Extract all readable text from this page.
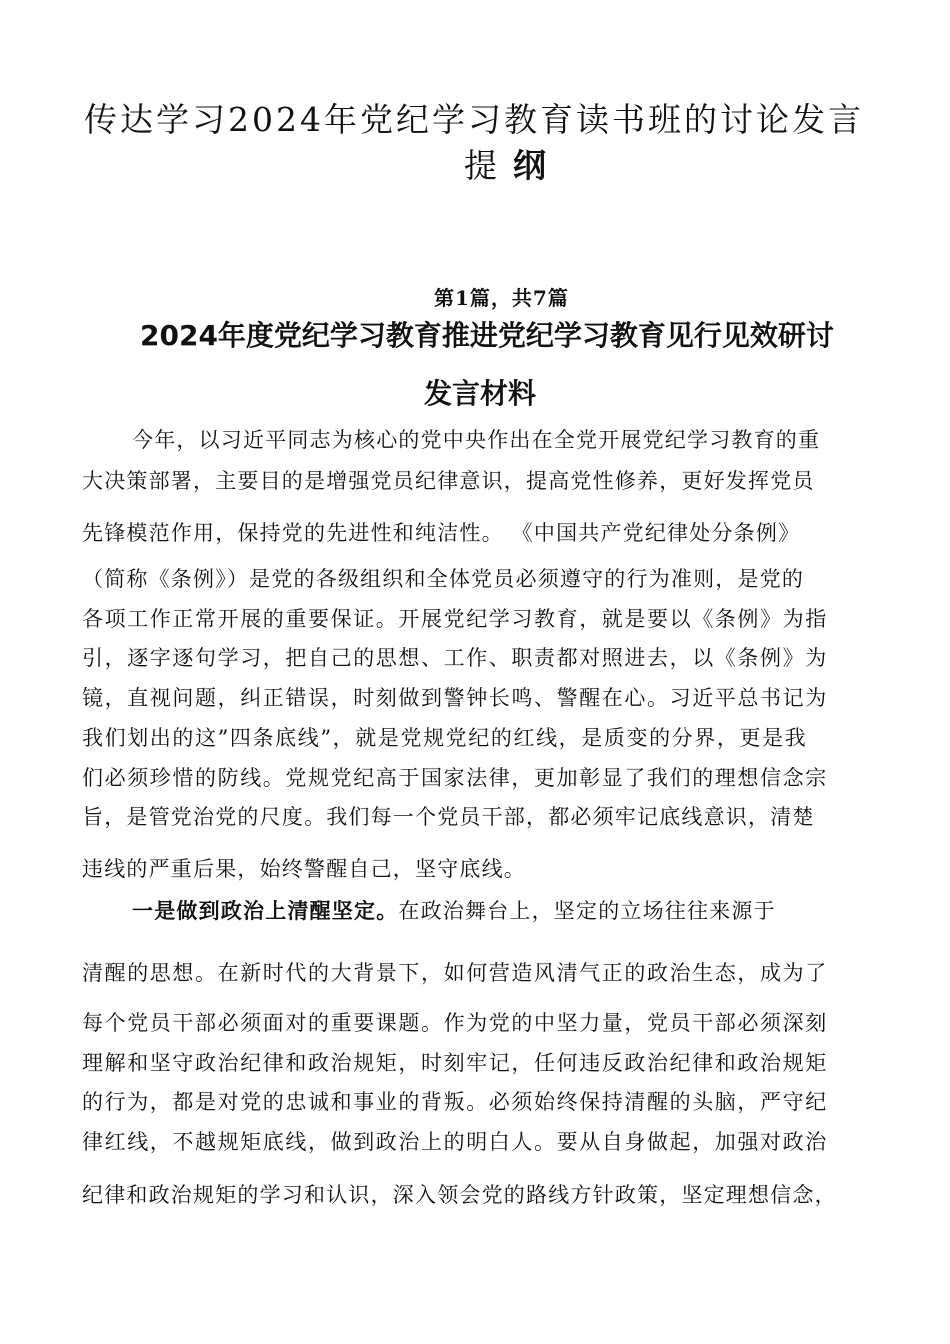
传达学习2024年党纪学习教育读书班的讨论发言
提 纲
第1篇，共7篇
2024年度党纪学习教育推进党纪学习教育见行见效研讨
发言材料
今年，以习近平同志为核心的党中央作出在全党开展党纪学习教育的重
大决策部署，主要目的是增强党员纪律意识，提高党性修养，更好发挥党员
先锋模范作用，保持党的先进性和纯洁性。 《中国共产党纪律处分条例》
（简称《条例》）是党的各级组织和全体党员必须遵守的行为准则，是党的
各项工作正常开展的重要保证。开展党纪学习教育，就是要以《条例》为指
引，逐字逐句学习，把自己的思想、工作、职责都对照进去，以《条例》为
镜，直视问题，纠正错误，时刻做到警钟长鸣、警醒在心。习近平总书记为
我们划出的这”四条底线”，就是党规党纪的红线，是质变的分界，更是我
们必须珍惜的防线。党规党纪高于国家法律，更加彰显了我们的理想信念宗
旨，是管党治党的尺度。我们每一个党员干部，都必须牢记底线意识，清楚
违线的严重后果，始终警醒自己，坚守底线。
一是做到政治上清醒坚定。在政治舞台上，坚定的立场往往来源于
清醒的思想。在新时代的大背景下，如何营造风清气正的政治生态，成为了
每个党员干部必须面对的重要课题。作为党的中坚力量，党员干部必须深刻
理解和坚守政治纪律和政治规矩，时刻牢记，任何违反政治纪律和政治规矩
的行为，都是对党的忠诚和事业的背叛。必须始终保持清醒的头脑，严守纪
律红线，不越规矩底线，做到政治上的明白人。要从自身做起，加强对政治
纪律和政治规矩的学习和认识，深入领会党的路线方针政策，坚定理想信念，
